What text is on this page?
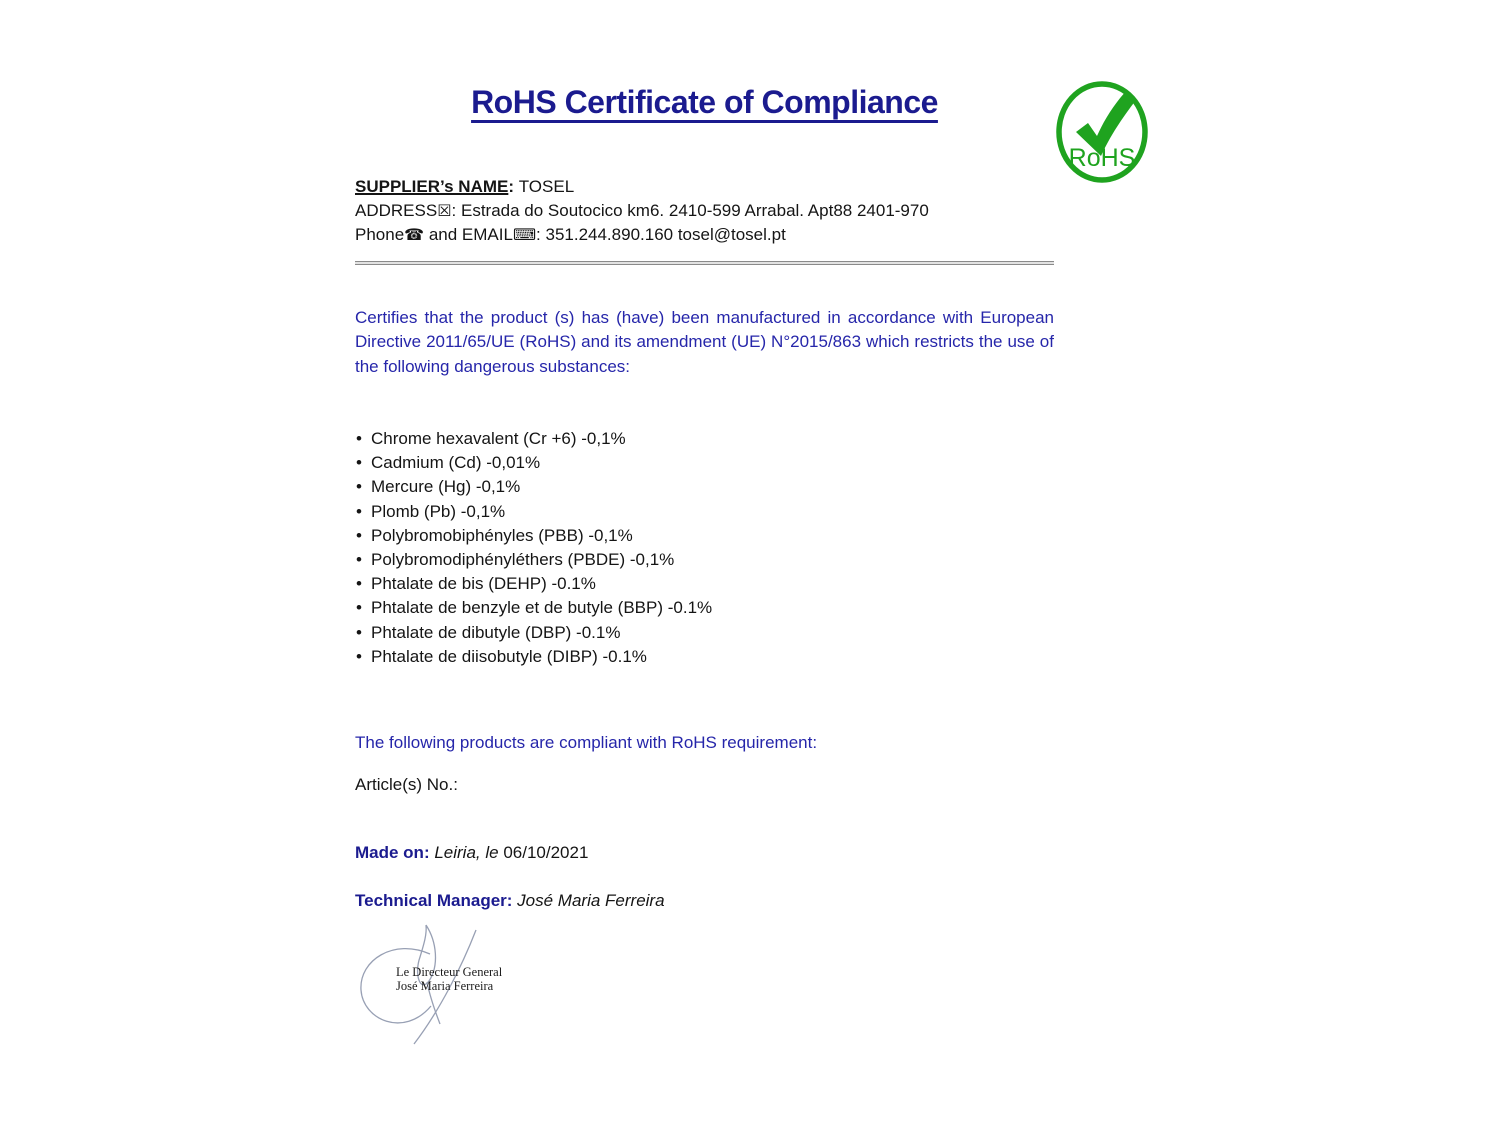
RoHS Certificate of Compliance
RoHS
SUPPLIER’s NAME: TOSEL
ADDRESS☒: Estrada do Soutocico km6. 2410-599 Arrabal. Apt88 2401-970
Phone☎ and EMAIL⌨: 351.244.890.160 tosel@tosel.pt

Certifies that the product (s) has (have) been manufactured in accordance with European Directive 2011/65/UE (RoHS) and its amendment (UE) N°2015/863 which restricts the use of the following dangerous substances:

• Chrome hexavalent (Cr +6) -0,1%
• Cadmium (Cd) -0,01%
• Mercure (Hg) -0,1%
• Plomb (Pb) -0,1%
• Polybromobiphényles (PBB) -0,1%
• Polybromodiphényléthers (PBDE) -0,1%
• Phtalate de bis (DEHP) -0.1%
• Phtalate de benzyle et de butyle (BBP) -0.1%
• Phtalate de dibutyle (DBP) -0.1%
• Phtalate de diisobutyle (DIBP) -0.1%

The following products are compliant with RoHS requirement:

Article(s) No.:

Made on: Leiria, le 06/10/2021

Technical Manager: José Maria Ferreira

Le Directeur General
José Maria Ferreira
